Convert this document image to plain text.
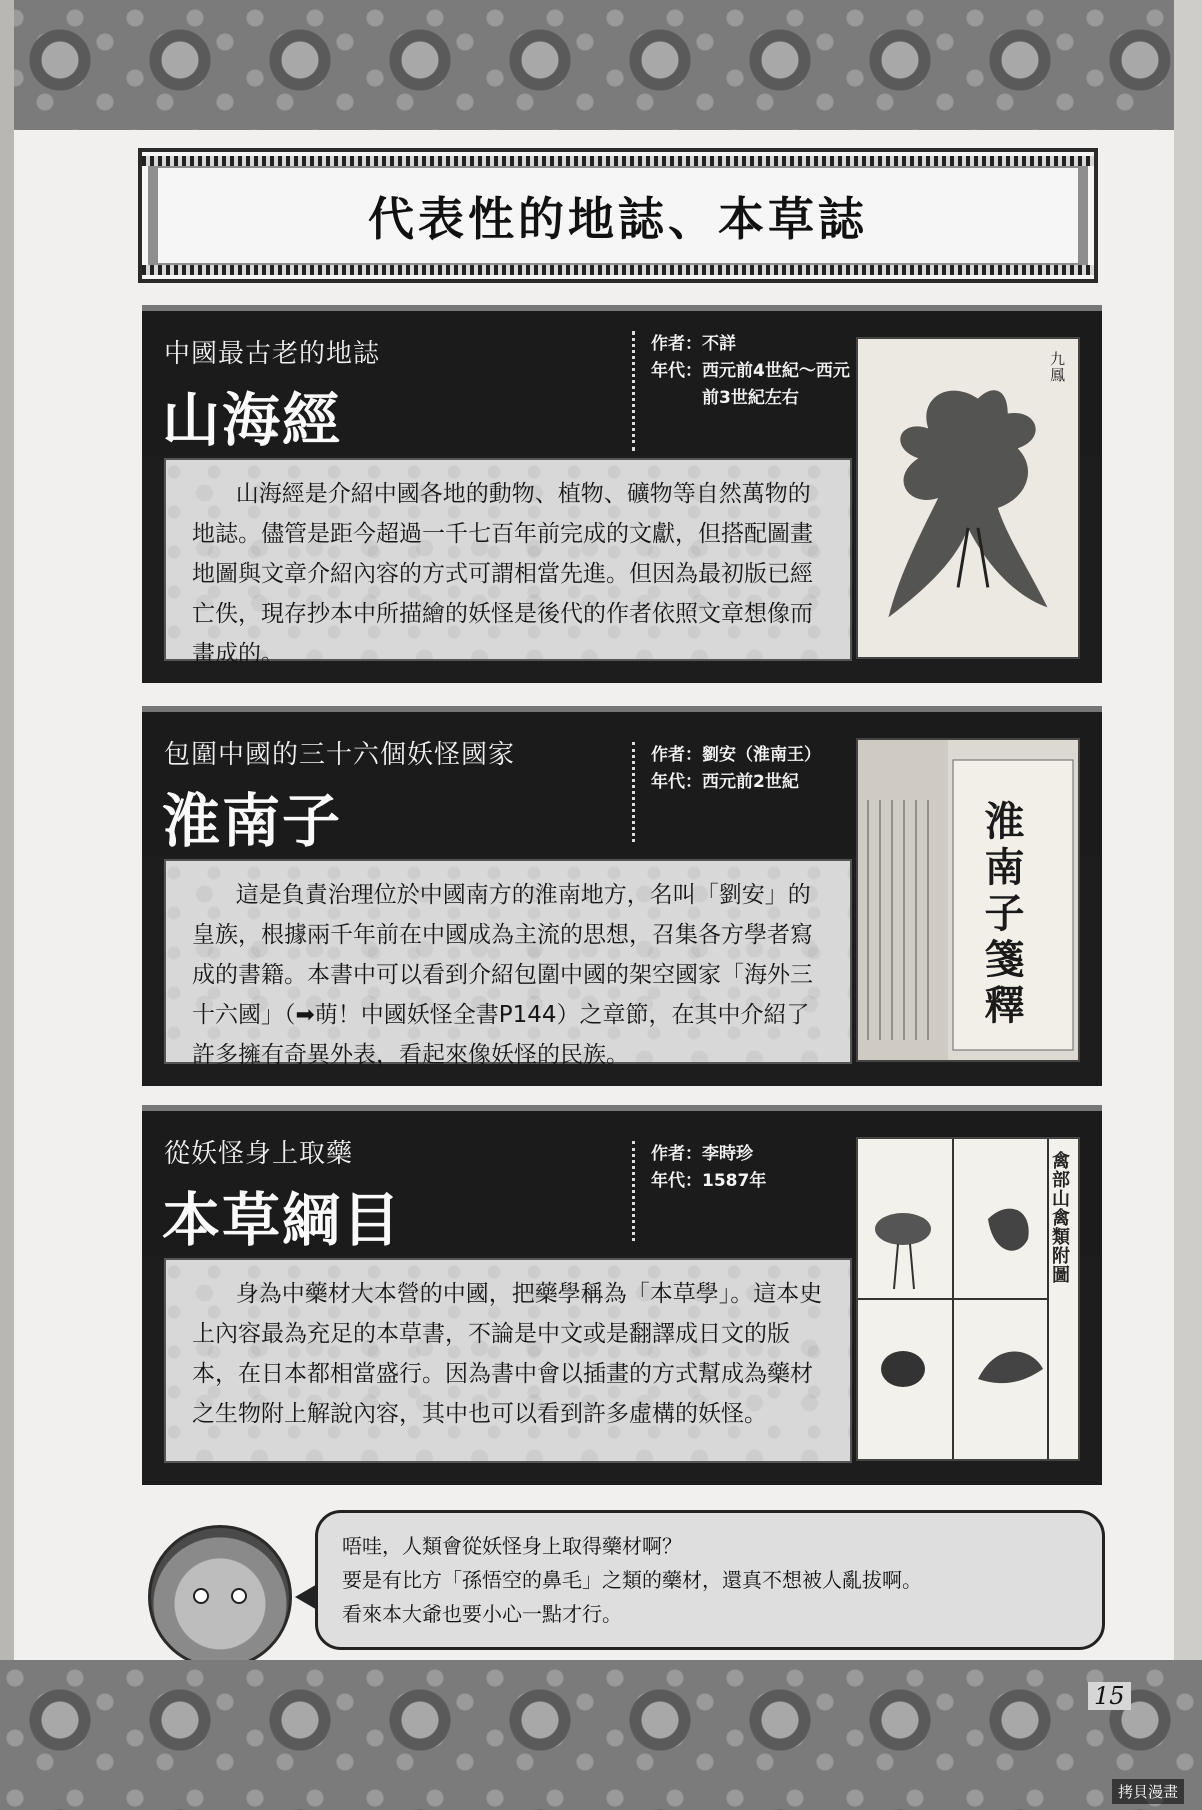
代表性的地誌、本草誌
中國最古老的地誌
山海經
作者： 不詳
年代： 西元前4世紀～西元前3世紀左右

山海經是介紹中國各地的動物、植物、礦物等自然萬物的地誌。儘管是距今超過一千七百年前完成的文獻，但搭配圖畫地圖與文章介紹內容的方式可謂相當先進。但因為最初版已經亡佚，現存抄本中所描繪的妖怪是後代的作者依照文章想像而畫成的。

九鳳
包圍中國的三十六個妖怪國家
淮南子
作者： 劉安（淮南王）
年代： 西元前2世紀

這是負責治理位於中國南方的淮南地方，名叫「劉安」的皇族，根據兩千年前在中國成為主流的思想，召集各方學者寫成的書籍。本書中可以看到介紹包圍中國的架空國家「海外三十六國」（➡萌！中國妖怪全書P144）之章節，在其中介紹了許多擁有奇異外表，看起來像妖怪的民族。

淮南子箋釋
從妖怪身上取藥
本草綱目
作者： 李時珍
年代： 1587年

身為中藥材大本營的中國，把藥學稱為「本草學」。這本史上內容最為充足的本草書，不論是中文或是翻譯成日文的版本，在日本都相當盛行。因為書中會以插畫的方式幫成為藥材之生物附上解說內容，其中也可以看到許多虛構的妖怪。

禽部山禽類附圖
唔哇，人類會從妖怪身上取得藥材啊？
要是有比方「孫悟空的鼻毛」之類的藥材，還真不想被人亂拔啊。
看來本大爺也要小心一點才行。
15
拷貝漫畫
